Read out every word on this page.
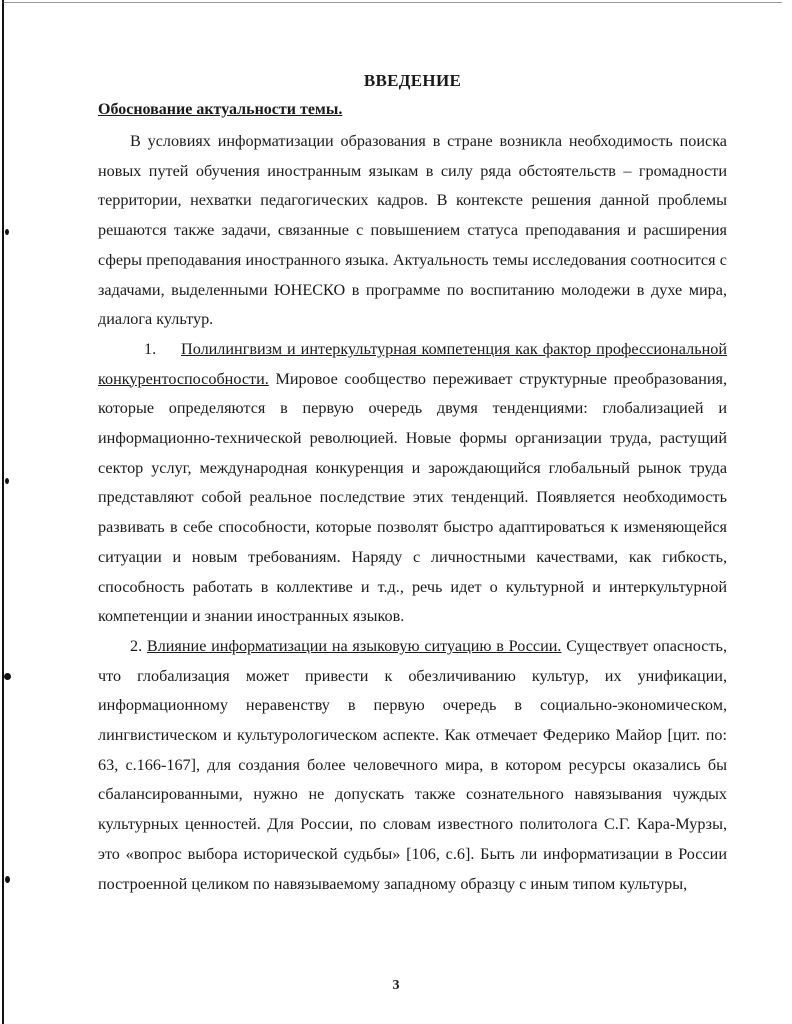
ВВЕДЕНИЕ
Обоснование актуальности темы.

В условиях информатизации образования в стране возникла необходимость поиска новых путей обучения иностранным языкам в силу ряда обстоятельств – громадности территории, нехватки педагогических кадров. В контексте решения данной проблемы решаются также задачи, связанные с повышением статуса преподавания и расширения сферы преподавания иностранного языка. Актуальность темы исследования соотносится с задачами, выделенными ЮНЕСКО в программе по воспитанию молодежи в духе мира, диалога культур.

1. Полилингвизм и интеркультурная компетенция как фактор профессиональной конкурентоспособности. Мировое сообщество переживает структурные преобразования, которые определяются в первую очередь двумя тенденциями: глобализацией и информационно-технической революцией. Новые формы организации труда, растущий сектор услуг, международная конкуренция и зарождающийся глобальный рынок труда представляют собой реальное последствие этих тенденций. Появляется необходимость развивать в себе способности, которые позволят быстро адаптироваться к изменяющейся ситуации и новым требованиям. Наряду с личностными качествами, как гибкость, способность работать в коллективе и т.д., речь идет о культурной и интеркультурной компетенции и знании иностранных языков.

2. Влияние информатизации на языковую ситуацию в России. Существует опасность, что глобализация может привести к обезличиванию культур, их унификации, информационному неравенству в первую очередь в социально-экономическом, лингвистическом и культурологическом аспекте. Как отмечает Федерико Майор [цит. по: 63, с.166-167], для создания более человечного мира, в котором ресурсы оказались бы сбалансированными, нужно не допускать также сознательного навязывания чуждых культурных ценностей. Для России, по словам известного политолога С.Г. Кара-Мурзы, это «вопрос выбора исторической судьбы» [106, с.6]. Быть ли информатизации в России построенной целиком по навязываемому западному образцу с иным типом культуры,

3
